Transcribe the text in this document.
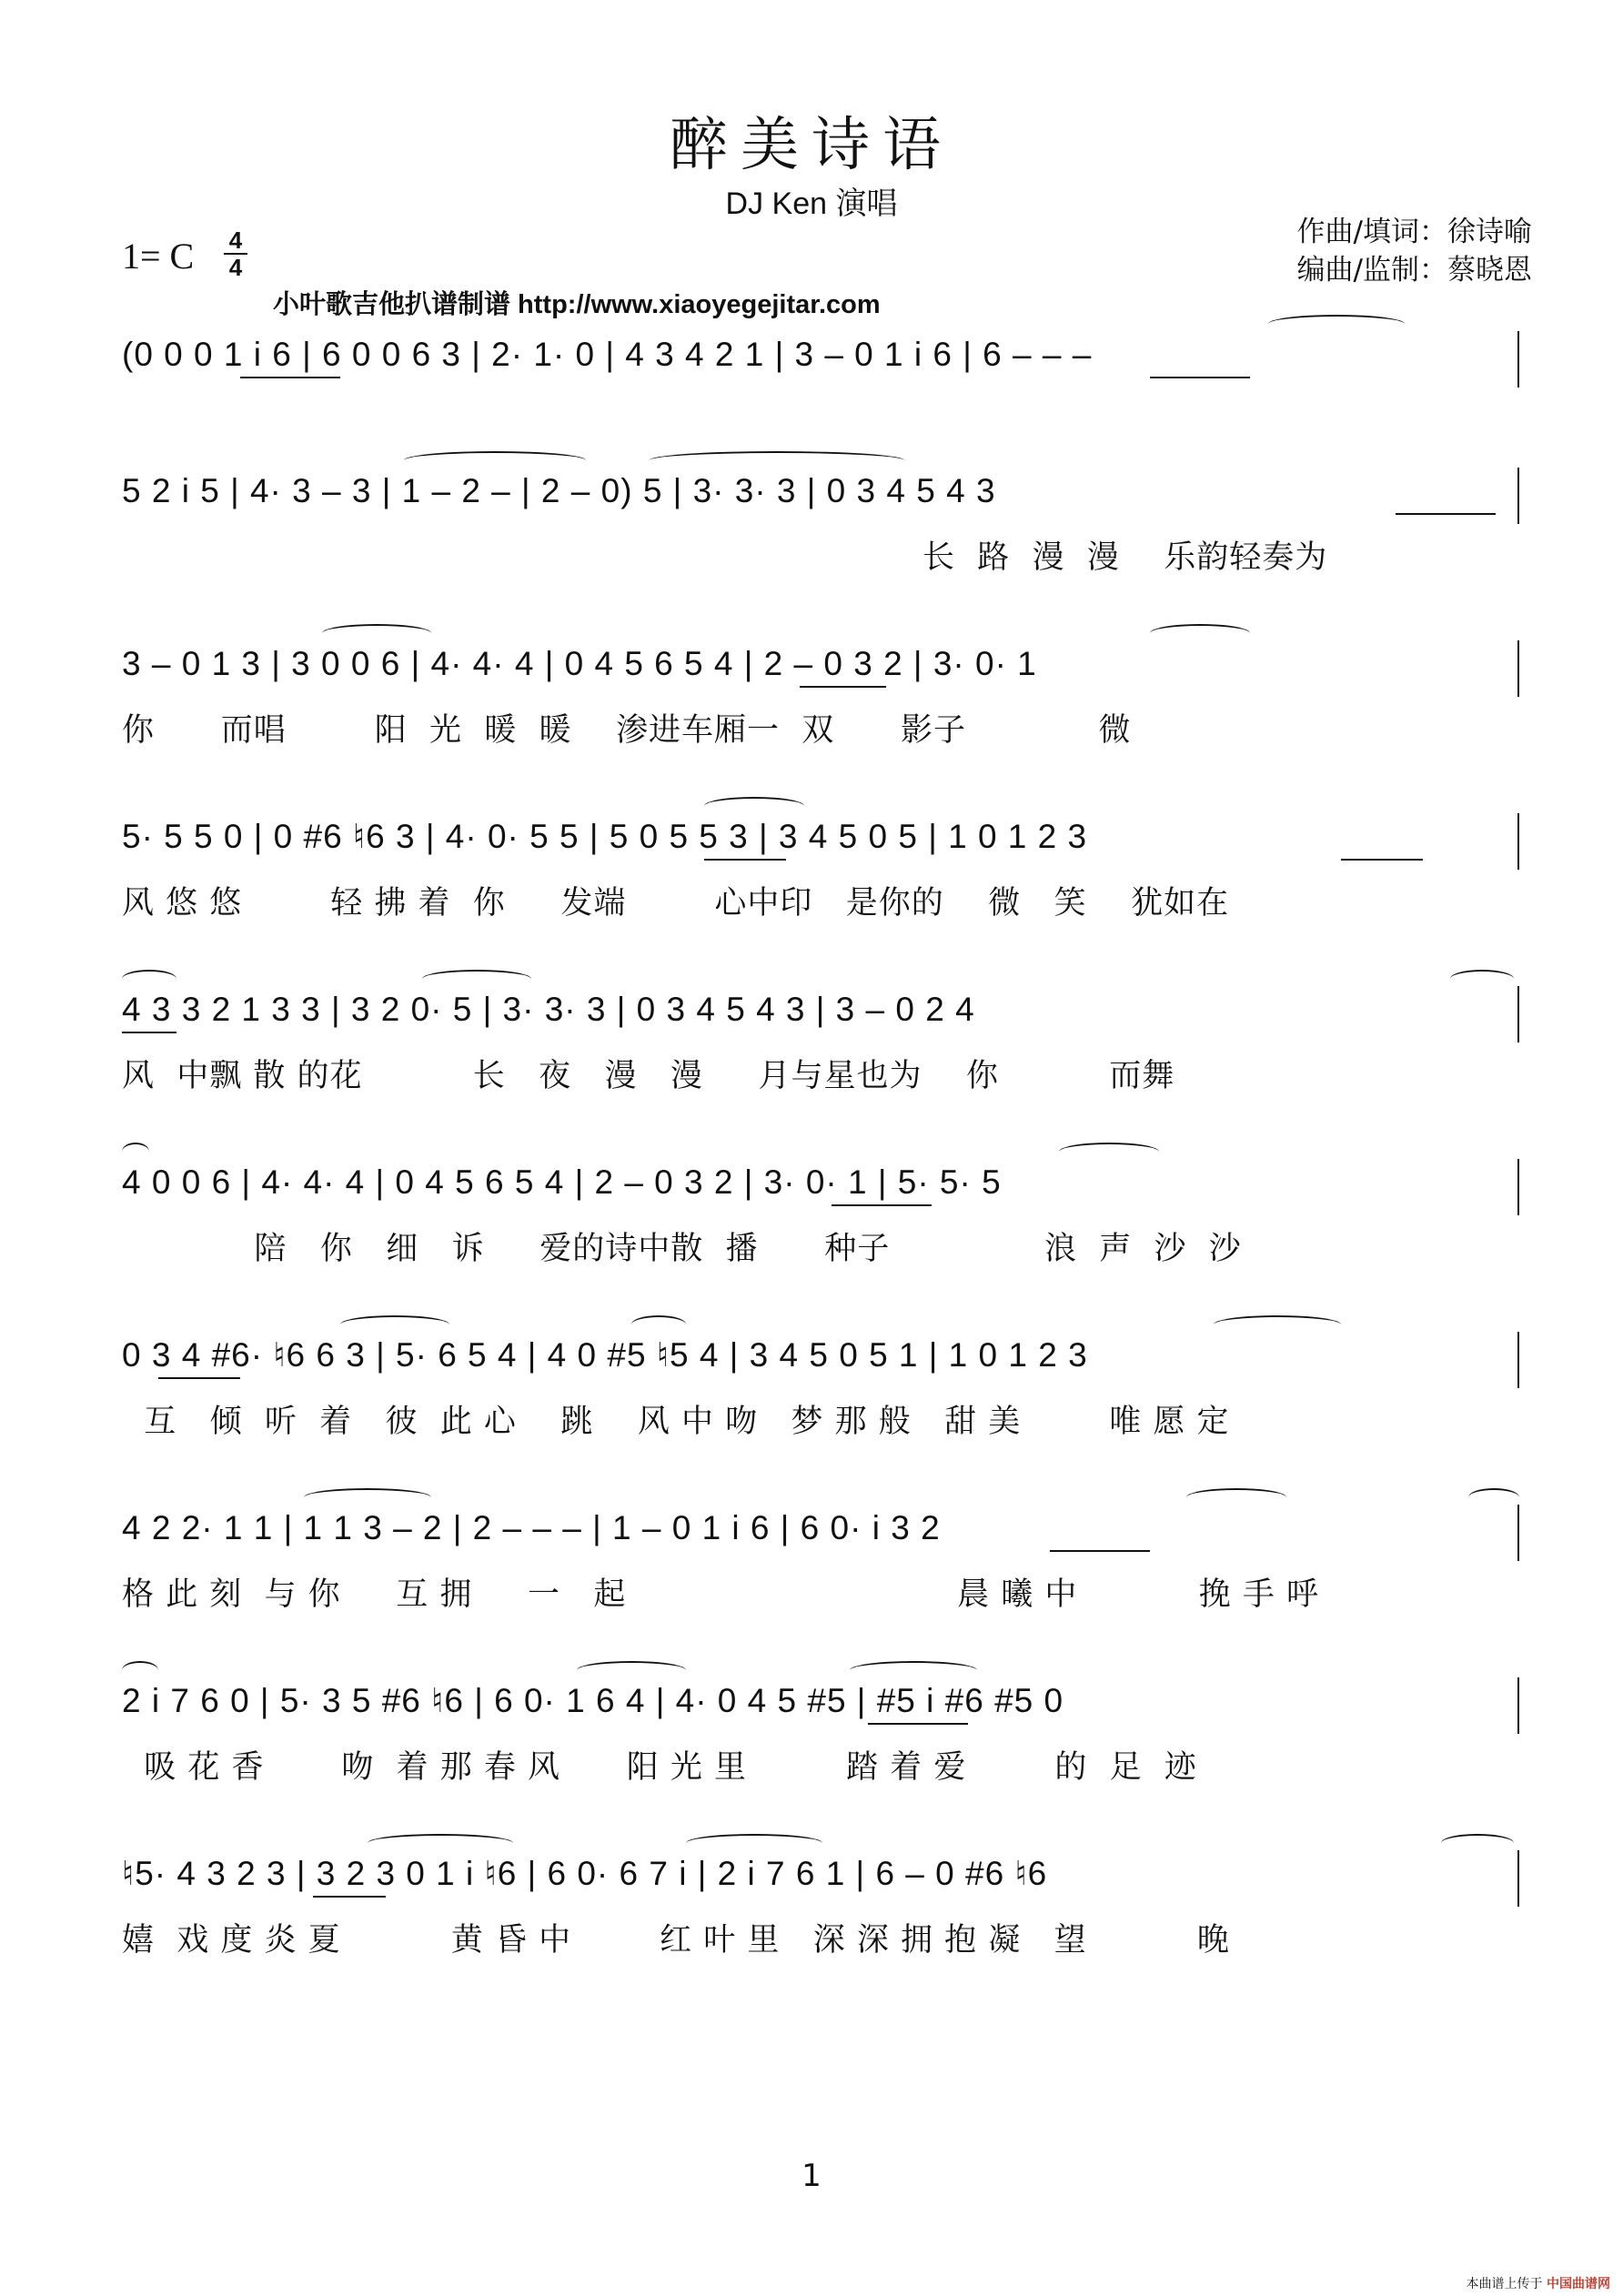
醉美诗语
DJ Ken 演唱
作曲/填词：徐诗喻
编曲/监制：蔡晓恩
1= C 4
4
小叶歌吉他扒谱制谱 http://www.xiaoyegejitar.com
(0 0 0 1 i 6 | 6 0 0 6 3 | 2· 1· 0 | 4 3 4 2 1 | 3 – 0 1 i 6 | 6 – – –
5 2 i 5 | 4· 3 – 3 | 1 – 2 – | 2 – 0) 5 | 3· 3· 3 | 0 3 4 5 4 3
长  路  漫  漫    乐韵轻奏为
3 – 0 1 3 | 3 0 0 6 | 4· 4· 4 | 0 4 5 6 5 4 | 2 – 0 3 2 | 3· 0· 1
你      而唱        阳  光  暖  暖    渗进车厢一  双      影子            微
5· 5 5 0 | 0 #6 ♮6 3 | 4· 0· 5 5 | 5 0 5 5 3 | 3 4 5 0 5 | 1 0 1 2 3
风 悠 悠        轻 拂 着  你     发端        心中印   是你的    微   笑    犹如在
4 3 3 2 1 3 3 | 3 2 0· 5 | 3· 3· 3 | 0 3 4 5 4 3 | 3 – 0 2 4
风  中飘 散 的花          长   夜   漫   漫     月与星也为    你          而舞
4 0 0 6 | 4· 4· 4 | 0 4 5 6 5 4 | 2 – 0 3 2 | 3· 0· 1 | 5· 5· 5
陪   你   细   诉     爱的诗中散  播      种子              浪  声  沙  沙
0 3 4 #6· ♮6 6 3 | 5· 6 5 4 | 4 0 #5 ♮5 4 | 3 4 5 0 5 1 | 1 0 1 2 3
互   倾  听  着   彼  此 心    跳    风 中 吻   梦 那 般   甜 美        唯 愿 定
4 2 2· 1 1 | 1 1 3 – 2 | 2 – – – | 1 – 0 1 i 6 | 6 0· i 3 2
格 此 刻  与 你     互 拥     一   起                              晨 曦 中           挽 手 呼
2 i 7 6 0 | 5· 3 5 #6 ♮6 | 6 0· 1 6 4 | 4· 0 4 5 #5 | #5 i #6 #5 0
吸 花 香       吻  着 那 春 风      阳 光 里         踏 着 爱        的  足  迹
♮5· 4 3 2 3 | 3 2 3 0 1 i ♮6 | 6 0· 6 7 i | 2 i 7 6 1 | 6 – 0 #6 ♮6
嬉  戏 度 炎 夏          黄 昏 中        红 叶 里   深 深 拥 抱 凝   望          晚
1
本曲谱上传于 中国曲谱网
